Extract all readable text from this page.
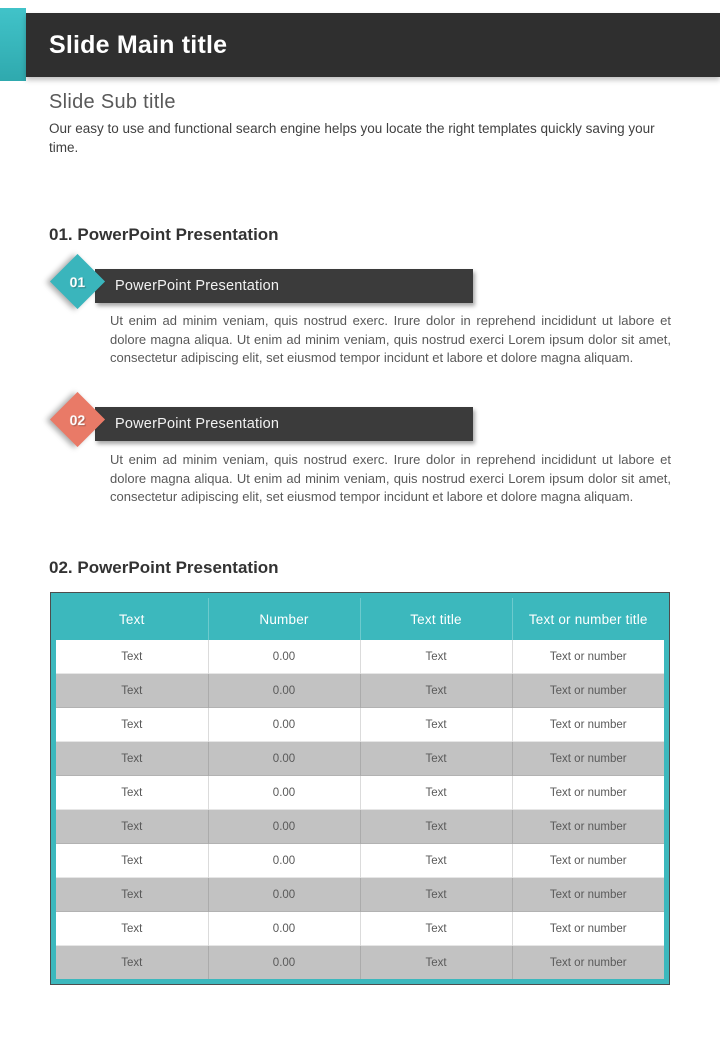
Slide Main title
Slide Sub title
Our easy to use and functional search engine helps you locate the right templates quickly saving your time.
01. PowerPoint Presentation
01 PowerPoint Presentation
Ut enim ad minim veniam, quis nostrud exerc. Irure dolor in reprehend incididunt ut labore et dolore magna aliqua. Ut enim ad minim veniam, quis nostrud exerci Lorem ipsum dolor sit amet, consectetur adipiscing elit, set eiusmod tempor incidunt et labore et dolore magna aliquam.
02 PowerPoint Presentation
Ut enim ad minim veniam, quis nostrud exerc. Irure dolor in reprehend incididunt ut labore et dolore magna aliqua. Ut enim ad minim veniam, quis nostrud exerci Lorem ipsum dolor sit amet, consectetur adipiscing elit, set eiusmod tempor incidunt et labore et dolore magna aliquam.
02. PowerPoint Presentation
Text	Number	Text title	Text or number title
Text	0.00	Text	Text or number
Text	0.00	Text	Text or number
Text	0.00	Text	Text or number
Text	0.00	Text	Text or number
Text	0.00	Text	Text or number
Text	0.00	Text	Text or number
Text	0.00	Text	Text or number
Text	0.00	Text	Text or number
Text	0.00	Text	Text or number
Text	0.00	Text	Text or number
